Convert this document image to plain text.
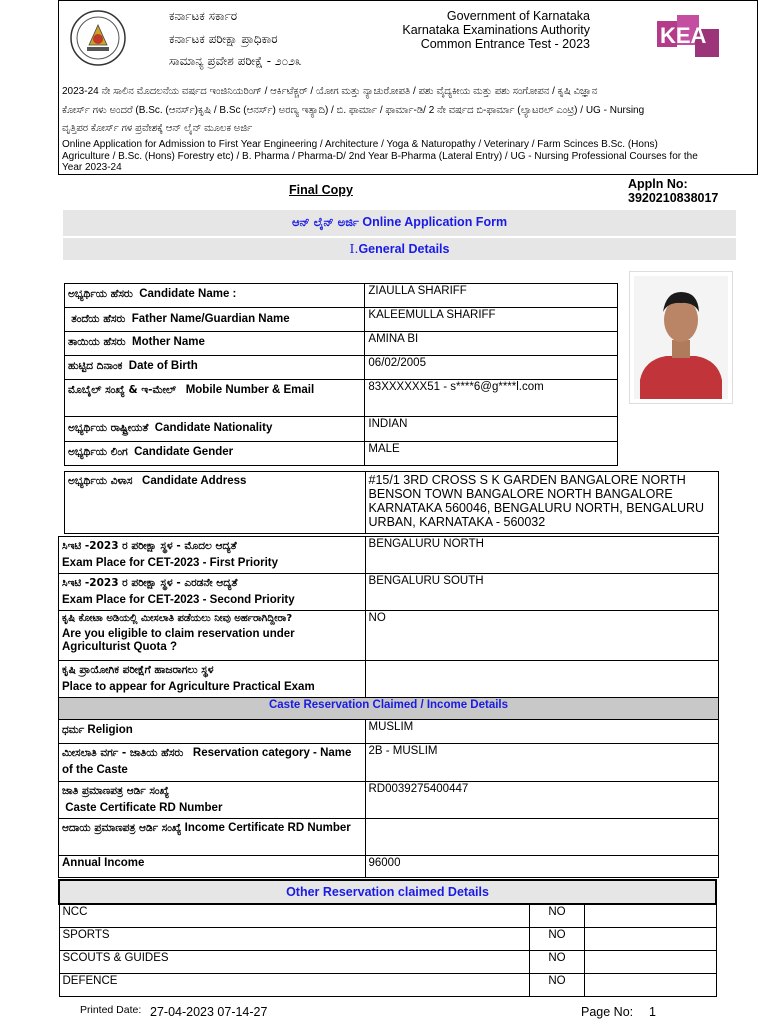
ಕರ್ನಾಟಕ ಸರ್ಕಾರ
ಕರ್ನಾಟಕ ಪರೀಕ್ಷಾ ಪ್ರಾಧಿಕಾರ
ಸಾಮಾನ್ಯ ಪ್ರವೇಶ ಪರೀಕ್ಷೆ - ೨೦೨೩
Government of Karnataka
Karnataka Examinations Authority
Common Entrance Test - 2023	KEA
2023-24 ನೇ ಸಾಲಿನ ಮೊದಲನೆಯ ವರ್ಷದ ಇಂಜಿನಿಯರಿಂಗ್ / ಆರ್ಕಿಟೆಕ್ಚರ್ / ಯೋಗ ಮತ್ತು ನ್ಯಾಚುರೋಪತಿ / ಪಶು ವೈದ್ಯಕೀಯ ಮತ್ತು ಪಶು ಸಂಗೋಪನ / ಕೃಷಿ ವಿಜ್ಞಾನ
ಕೋರ್ಸ್ ಗಳು ಅಂದರೆ (B.Sc. (ಆನರ್ಸ್)ಕೃಷಿ / B.Sc (ಆನರ್ಸ್) ಅರಣ್ಯ ಇತ್ಯಾದಿ) / ಬಿ. ಫಾರ್ಮಾ / ಫಾರ್ಮಾ-ಡಿ/ 2 ನೇ ವರ್ಷದ ಬಿ-ಫಾರ್ಮಾ (ಲ್ಯಾಟರಲ್ ಎಂಟ್ರಿ) / UG - Nursing
ವೃತ್ತಿಪರ ಕೋರ್ಸ್ ಗಳ ಪ್ರವೇಶಕ್ಕೆ ಆನ್ ಲೈನ್ ಮೂಲಕ ಅರ್ಜಿ
Online Application for Admission to First Year Engineering / Architecture / Yoga & Naturopathy / Veterinary / Farm Scinces B.Sc. (Hons)
Agriculture / B.Sc. (Hons) Forestry etc) / B. Pharma / Pharma-D/ 2nd Year B-Pharma (Lateral Entry) / UG - Nursing Professional Courses for the
Year 2023-24
Final Copy	Appln No:
3920210838017
ಆನ್ ಲೈನ್ ಅರ್ಜಿ Online Application Form
I.General Details
ಅಭ್ಯರ್ಥಿಯ ಹೆಸರು Candidate Name :	ZIAULLA SHARIFF
ತಂದೆಯ ಹೆಸರು Father Name/Guardian Name	KALEEMULLA SHARIFF
ತಾಯಿಯ ಹೆಸರು Mother Name	AMINA BI
ಹುಟ್ಟಿದ ದಿನಾಂಕ Date of Birth	06/02/2005
ಮೊಬೈಲ್ ಸಂಖ್ಯೆ & ಇ-ಮೇಲ್ Mobile Number & Email	83XXXXXX51 - s****6@g****l.com
ಅಭ್ಯರ್ಥಿಯ ರಾಷ್ಟ್ರೀಯತೆ Candidate Nationality	INDIAN
ಅಭ್ಯರ್ಥಿಯ ಲಿಂಗ Candidate Gender	MALE
ಅಭ್ಯರ್ಥಿಯ ವಿಳಾಸ Candidate Address	#15/1 3RD CROSS S K GARDEN BANGALORE NORTH BENSON TOWN BANGALORE NORTH BANGALORE KARNATAKA 560046, BENGALURU NORTH, BENGALURU URBAN, KARNATAKA - 560032
ಸಿಇಟಿ -2023 ರ ಪರೀಕ್ಷಾ ಸ್ಥಳ - ಮೊದಲ ಆದ್ಯತೆ
Exam Place for CET-2023 - First Priority	BENGALURU NORTH

ಸಿಇಟಿ -2023 ರ ಪರೀಕ್ಷಾ ಸ್ಥಳ - ಎರಡನೇ ಆದ್ಯತೆ
Exam Place for CET-2023 - Second Priority	BENGALURU SOUTH

ಕೃಷಿ ಕೋಟಾ ಅಡಿಯಲ್ಲಿ ಮೀಸಲಾತಿ ಪಡೆಯಲು ನೀವು ಅರ್ಹರಾಗಿದ್ದೀರಾ?
Are you eligible to claim reservation under Agriculturist Quota ?	NO

ಕೃಷಿ ಪ್ರಾಯೋಗಿಕ ಪರೀಕ್ಷೆಗೆ ಹಾಜರಾಗಲು ಸ್ಥಳ
Place to appear for Agriculture Practical Exam	

Caste Reservation Claimed / Income Details	
ಧರ್ಮ Religion	MUSLIM
ಮೀಸಲಾತಿ ವರ್ಗ - ಜಾತಿಯ ಹೆಸರು Reservation category - Name of the Caste	2B - MUSLIM

ಜಾತಿ ಪ್ರಮಾಣಪತ್ರ ಆರ್ಡಿ ಸಂಖ್ಯೆ
Caste Certificate RD Number	RD0039275400447
ಆದಾಯ ಪ್ರಮಾಣಪತ್ರ ಆರ್ಡಿ ಸಂಖ್ಯೆ Income Certificate RD Number	
Annual Income	96000
Other Reservation claimed Details		
NCC	NO	
SPORTS	NO	
SCOUTS & GUIDES	NO	
DEFENCE	NO	
Printed Date: 27-04-2023 07-14-27	Page No: 1
